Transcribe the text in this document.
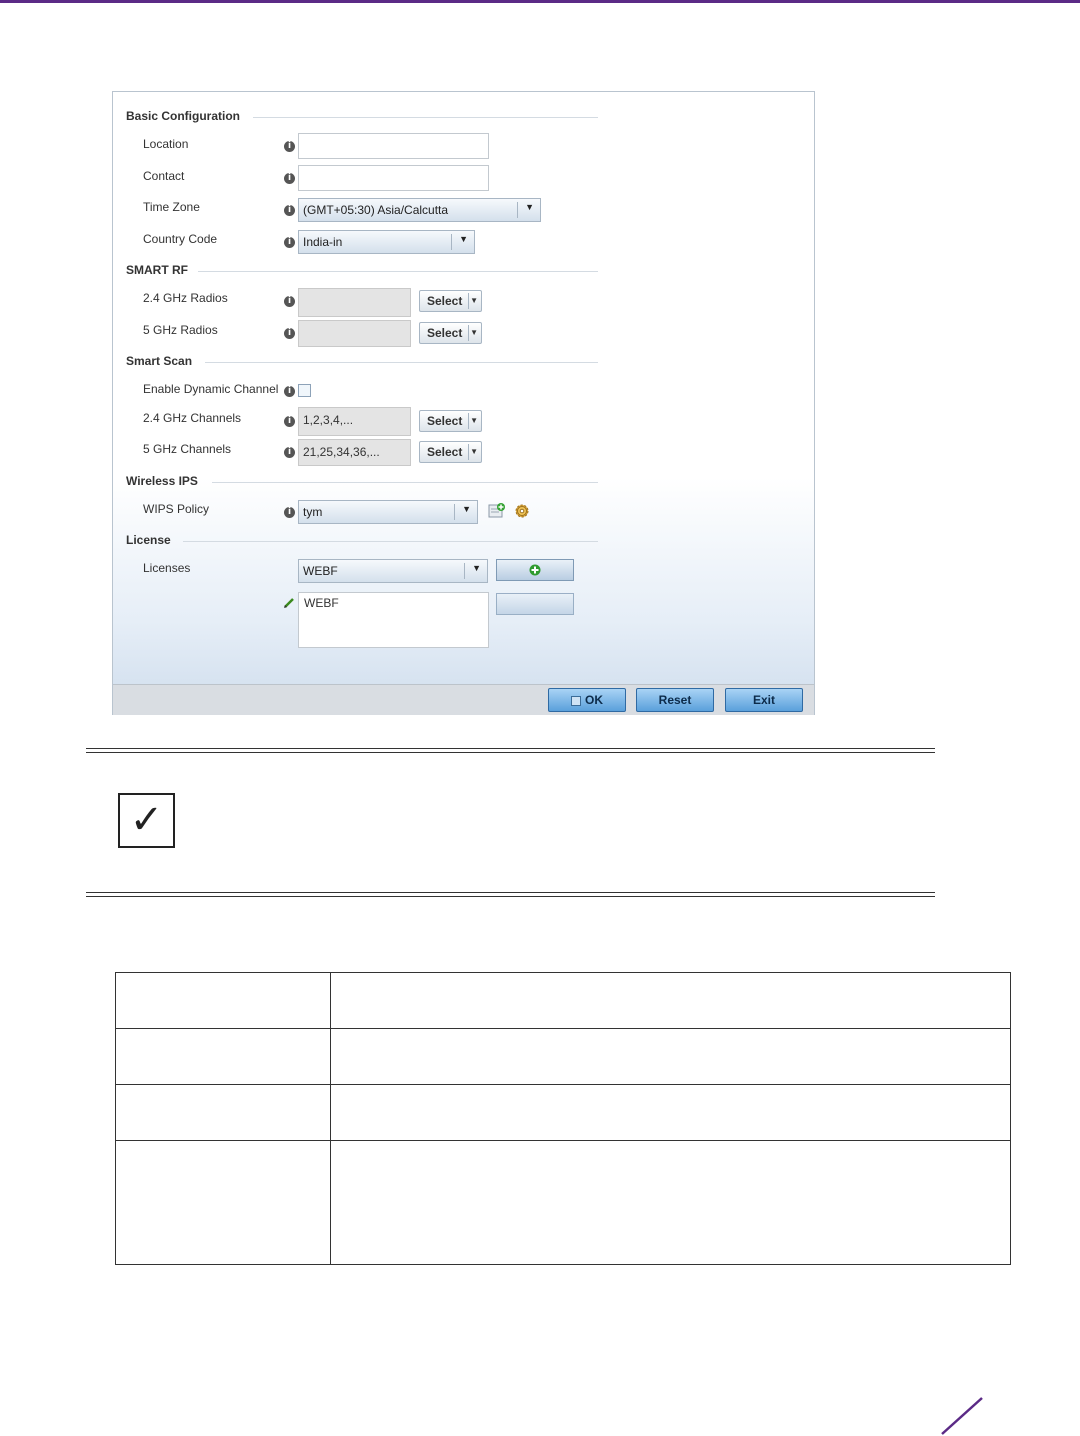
Basic Configuration
Location	i
Contact	i
Time Zone	i (GMT+05:30) Asia/Calcutta	▼
Country Code	i India-in	▼
SMART RF
2.4 GHz Radios	i	Select ▼
5 GHz Radios	i	Select ▼
Smart Scan
Enable Dynamic Channel	i
2.4 GHz Channels	i 1,2,3,4,...	Select ▼
5 GHz Channels	i 21,25,34,36,...	Select ▼
Wireless IPS
WIPS Policy	i tym	▼
License
Licenses	WEBF	▼
WEBF
OK	Reset	Exit
✓
